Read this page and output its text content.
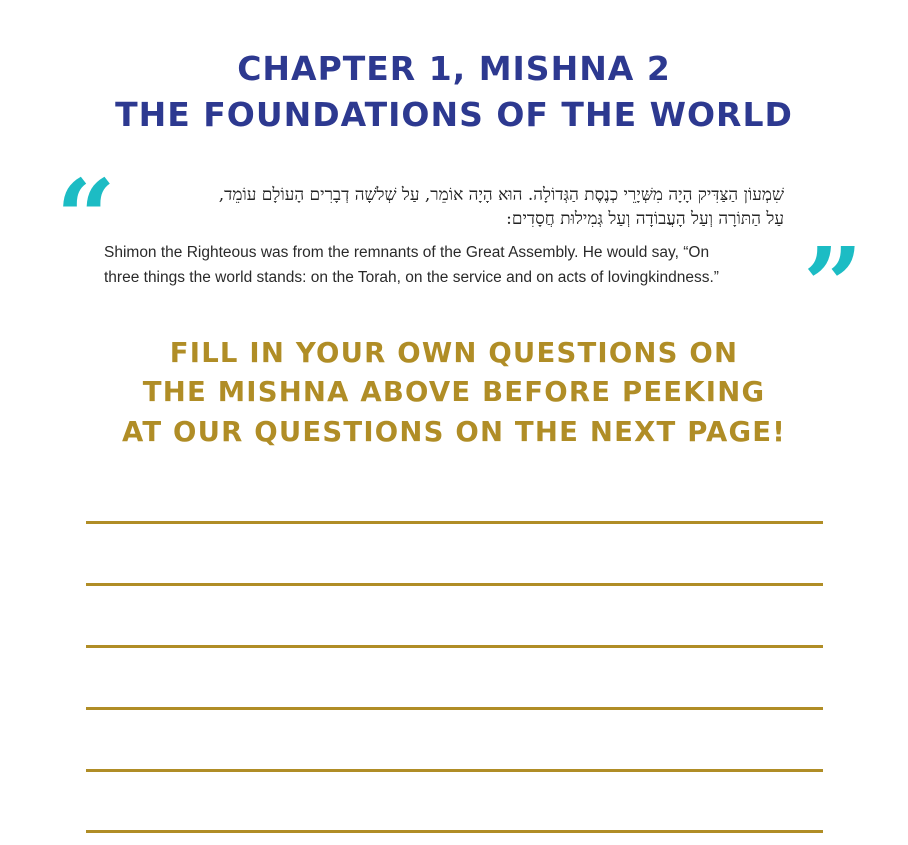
CHAPTER 1, MISHNA 2
THE FOUNDATIONS OF THE WORLD
“	שִׁמְעוֹן הַצַּדִּיק הָיָה מִשְּׁיָרֵי כְנֶסֶת הַגְּדוֹלָה. הוּא הָיָה אוֹמֵר, עַל שְׁלֹשָׁה דְבָרִים הָעוֹלָם עוֹמֵד,
עַל הַתּוֹרָה וְעַל הָעֲבוֹדָה וְעַל גְּמִילוּת חֲסָדִים:
Shimon the Righteous was from the remnants of the Great Assembly. He would say, “On
three things the world stands: on the Torah, on the service and on acts of lovingkindness.” ”
FILL IN YOUR OWN QUESTIONS ON
THE MISHNA ABOVE BEFORE PEEKING
AT OUR QUESTIONS ON THE NEXT PAGE!
